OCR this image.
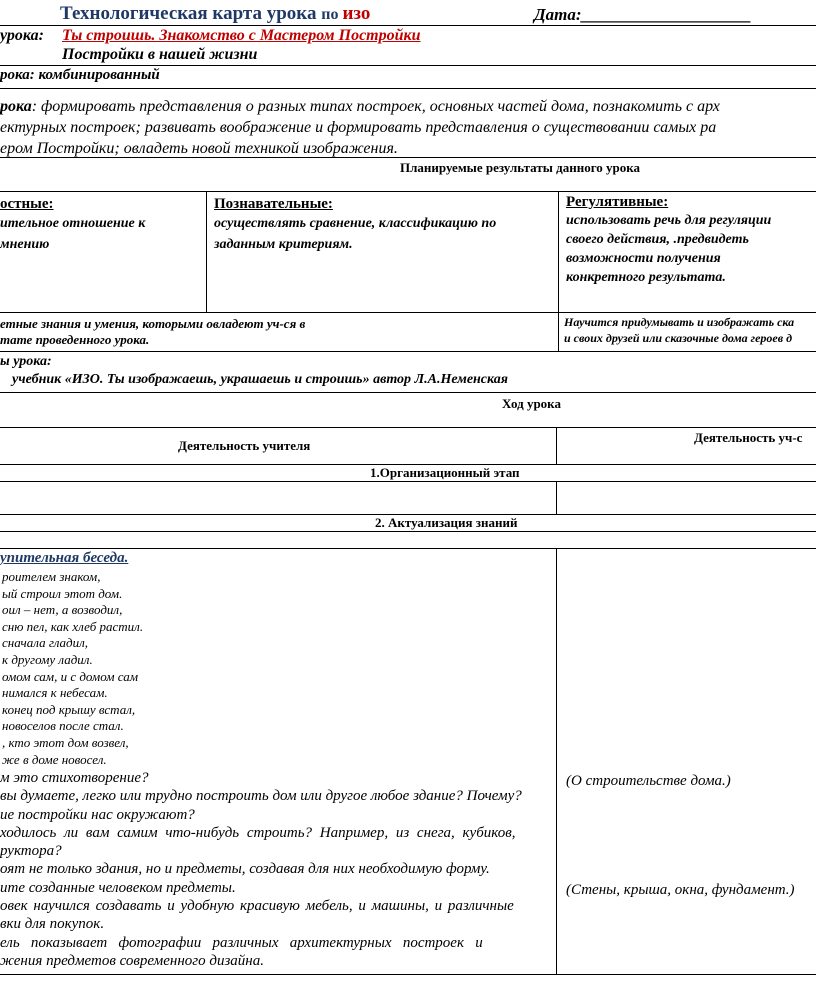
Технологическая карта урока по изо	Дата:____________________
урока: Ты строишь. Знакомство с Мастером Постройки
Постройки в нашей жизни
рока: комбинированный
рока: формировать представления о разных типах построек, основных частей дома, познакомить с арх
ектурных построек; развивать воображение и формировать представления о существовании самых ра
ером Постройки; овладеть новой техникой изображения.
Планируемые результаты данного урока
остные:
ительное отношение к
мнению
Познавательные:
осуществлять сравнение, классификацию по
заданным критериям.
Регулятивные:
использовать речь для регуляции
своего действия, .предвидеть
возможности получения
конкретного результата.
етные знания и умения, которыми овладеют уч-ся в
тате проведенного урока.
Научится придумывать и изображать ска
и своих друзей или сказочные дома героев д
ы урока:
учебник «ИЗО. Ты изображаешь, украшаешь и строишь» автор Л.А.Неменская
Ход урока
Деятельность учителя
Деятельность уч-с
1.Организационный этап
2. Актуализация знаний
упительная беседа.
роителем знаком,
ый строил этот дом.
оил – нет, а возводил,
сню пел, как хлеб растил.
сначала гладил,
к другому ладил.
омом сам, и с домом сам
нимался к небесам.
конец под крышу встал,
новоселов после стал.
, кто этот дом возвел,
же в доме новосел.
м это стихотворение?
вы думаете, легко или трудно построить дом или другое любое здание? Почему?
ие постройки нас окружают?
ходилось ли вам самим что-нибудь строить? Например, из снега, кубиков,
рукторa?
оят не только здания, но и предметы, создавая для них необходимую форму.
ите созданные человеком предметы.
овек научился создавать и удобную красивую мебель, и машины, и различные
вки для покупок.
ель   показывает   фотографии   различных   архитектурных   построек   и
жения предметов современного дизайна.
(О строительстве дома.)
(Стены, крыша, окна, фундамент.)
